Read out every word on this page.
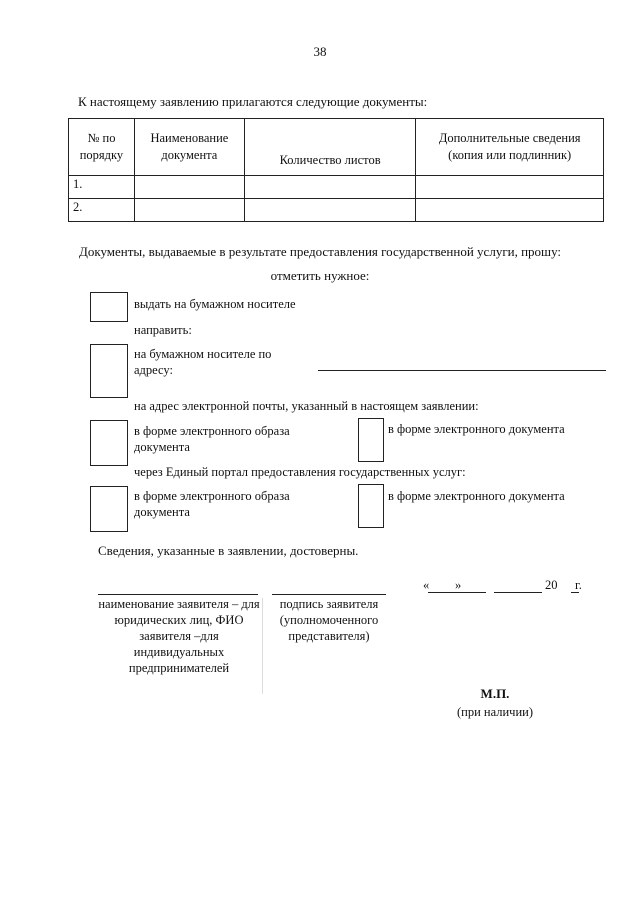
38
К настоящему заявлению прилагаются следующие документы:
№ по порядку	Наименование документа	Количество листов	Дополнительные сведения (копия или подлинник)
1.			
2.			
Документы, выдаваемые в результате предоставления государственной услуги, прошу:
отметить нужное:
выдать на бумажном носителе
направить:
на бумажном носителе по адресу:
на адрес электронной почты, указанный в настоящем заявлении:
в форме электронного образа документа
в форме электронного документа
через Единый портал предоставления государственных услуг:
в форме электронного образа документа
в форме электронного документа
Сведения, указанные в заявлении, достоверны.
наименование заявителя – для юридических лиц, ФИО заявителя –для индивидуальных предпринимателей
подпись заявителя (уполномоченного представителя)
« »	20 г.
М.П.
(при наличии)
